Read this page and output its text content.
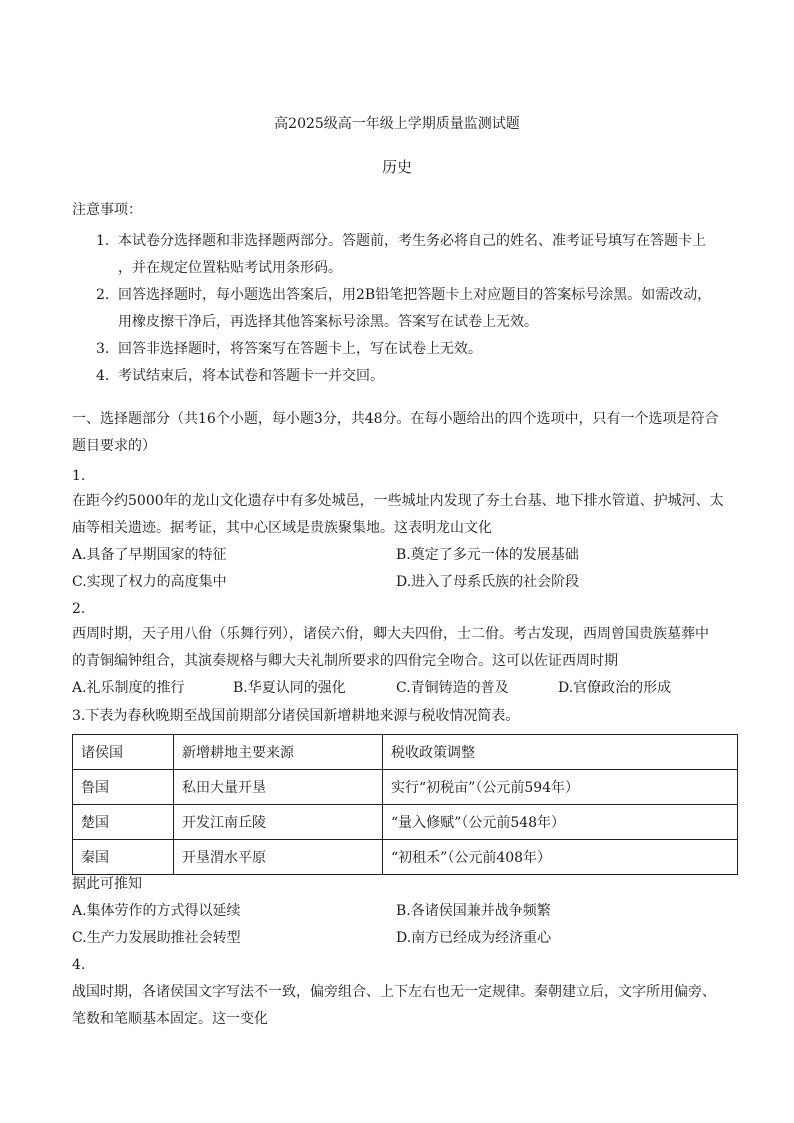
高2025级高一年级上学期质量监测试题
历史
注意事项：
1. 本试卷分选择题和非选择题两部分。答题前，考生务必将自己的姓名、准考证号填写在答题卡上
，并在规定位置粘贴考试用条形码。
2. 回答选择题时，每小题选出答案后，用2B铅笔把答题卡上对应题目的答案标号涂黑。如需改动，
用橡皮擦干净后，再选择其他答案标号涂黑。答案写在试卷上无效。
3. 回答非选择题时，将答案写在答题卡上，写在试卷上无效。
4. 考试结束后，将本试卷和答题卡一并交回。
一、选择题部分（共16个小题，每小题3分，共48分。在每小题给出的四个选项中，只有一个选项是符合
题目要求的）
1.
在距今约5000年的龙山文化遗存中有多处城邑，一些城址内发现了夯土台基、地下排水管道、护城河、太
庙等相关遗迹。据考证，其中心区域是贵族聚集地。这表明龙山文化
A.具备了早期国家的特征	B.奠定了多元一体的发展基础
C.实现了权力的高度集中	D.进入了母系氏族的社会阶段
2.
西周时期，天子用八佾（乐舞行列），诸侯六佾，卿大夫四佾，士二佾。考古发现，西周曾国贵族墓葬中
的青铜编钟组合，其演奏规格与卿大夫礼制所要求的四佾完全吻合。这可以佐证西周时期
A.礼乐制度的推行	B.华夏认同的强化	C.青铜铸造的普及	D.官僚政治的形成
3.下表为春秋晚期至战国前期部分诸侯国新增耕地来源与税收情况简表。
诸侯国	新增耕地主要来源	税收政策调整
鲁国	私田大量开垦	实行“初税亩”（公元前594年）
楚国	开发江南丘陵	“量入修赋”（公元前548年）
秦国	开垦渭水平原	“初租禾”（公元前408年）
据此可推知
A.集体劳作的方式得以延续	B.各诸侯国兼并战争频繁
C.生产力发展助推社会转型	D.南方已经成为经济重心
4.
战国时期，各诸侯国文字写法不一致，偏旁组合、上下左右也无一定规律。秦朝建立后，文字所用偏旁、
笔数和笔顺基本固定。这一变化
